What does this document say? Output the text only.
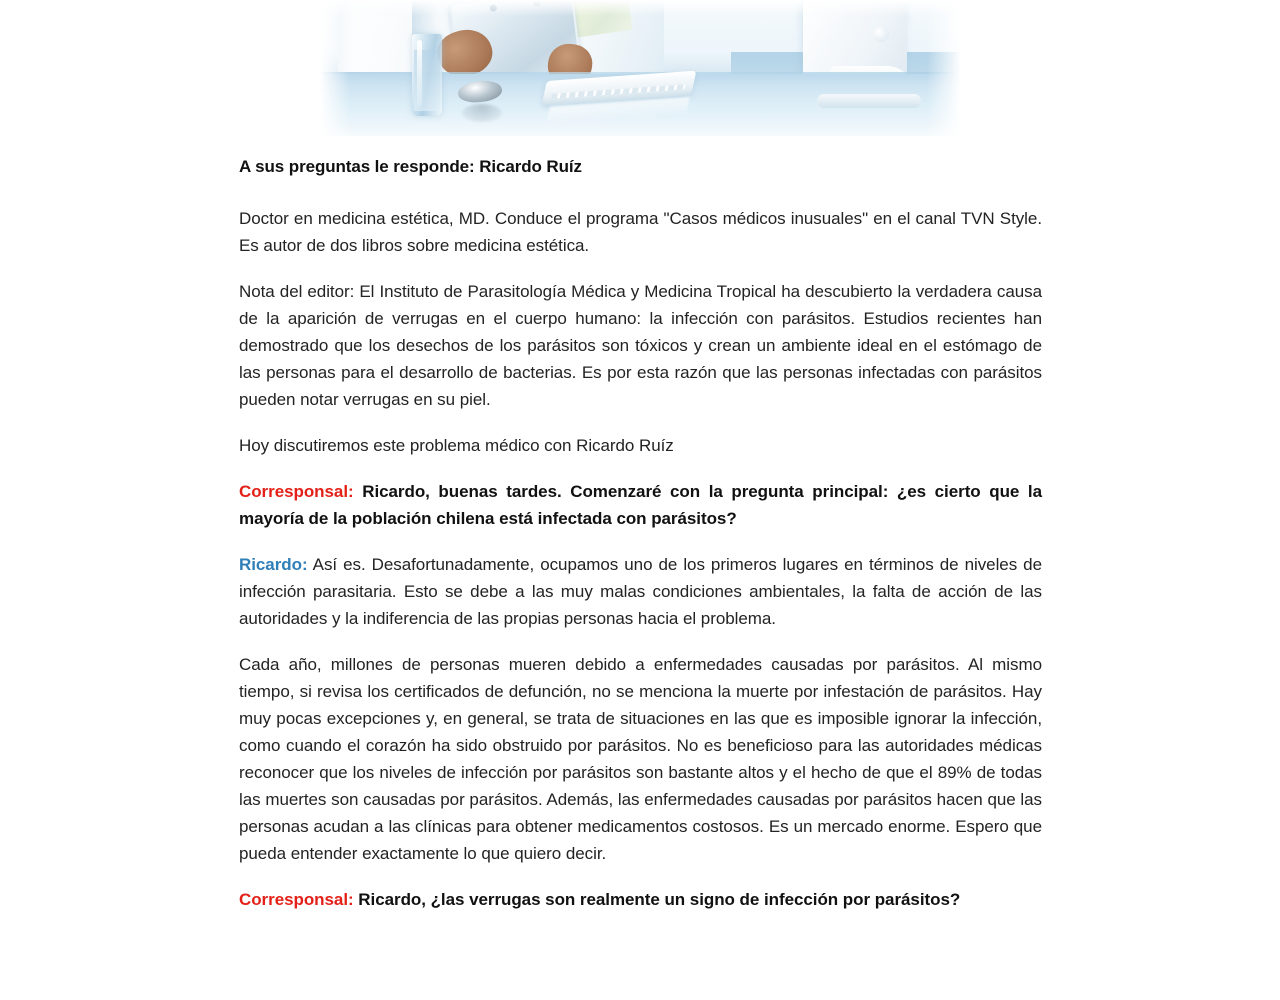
A sus preguntas le responde: Ricardo Ruíz

Doctor en medicina estética, MD. Conduce el programa "Casos médicos inusuales" en el canal TVN Style. Es autor de dos libros sobre medicina estética.

Nota del editor: El Instituto de Parasitología Médica y Medicina Tropical ha descubierto la verdadera causa de la aparición de verrugas en el cuerpo humano: la infección con parásitos. Estudios recientes han demostrado que los desechos de los parásitos son tóxicos y crean un ambiente ideal en el estómago de las personas para el desarrollo de bacterias. Es por esta razón que las personas infectadas con parásitos pueden notar verrugas en su piel.

Hoy discutiremos este problema médico con Ricardo Ruíz

Corresponsal: Ricardo, buenas tardes. Comenzaré con la pregunta principal: ¿es cierto que la mayoría de la población chilena está infectada con parásitos?

Ricardo: Así es. Desafortunadamente, ocupamos uno de los primeros lugares en términos de niveles de infección parasitaria. Esto se debe a las muy malas condiciones ambientales, la falta de acción de las autoridades y la indiferencia de las propias personas hacia el problema.

Cada año, millones de personas mueren debido a enfermedades causadas por parásitos. Al mismo tiempo, si revisa los certificados de defunción, no se menciona la muerte por infestación de parásitos. Hay muy pocas excepciones y, en general, se trata de situaciones en las que es imposible ignorar la infección, como cuando el corazón ha sido obstruido por parásitos. No es beneficioso para las autoridades médicas reconocer que los niveles de infección por parásitos son bastante altos y el hecho de que el 89% de todas las muertes son causadas por parásitos. Además, las enfermedades causadas por parásitos hacen que las personas acudan a las clínicas para obtener medicamentos costosos. Es un mercado enorme. Espero que pueda entender exactamente lo que quiero decir.

Corresponsal: Ricardo, ¿las verrugas son realmente un signo de infección por parásitos?
